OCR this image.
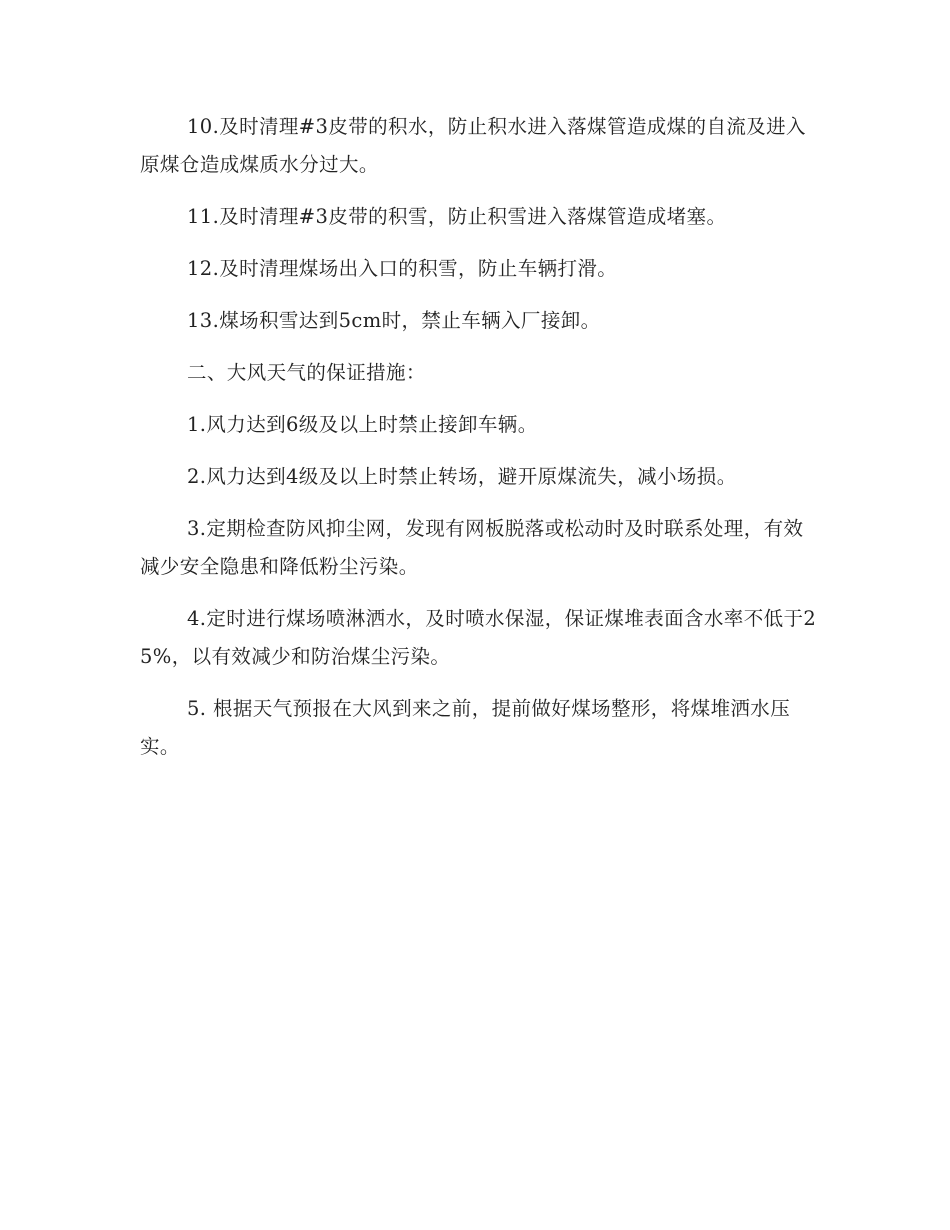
10.及时清理#3皮带的积水，防止积水进入落煤管造成煤的自流及进入原煤仓造成煤质水分过大。

11.及时清理#3皮带的积雪，防止积雪进入落煤管造成堵塞。

12.及时清理煤场出入口的积雪，防止车辆打滑。

13.煤场积雪达到5cm时，禁止车辆入厂接卸。

二、大风天气的保证措施：

1.风力达到6级及以上时禁止接卸车辆。

2.风力达到4级及以上时禁止转场，避开原煤流失，减小场损。

3.定期检查防风抑尘网，发现有网板脱落或松动时及时联系处理，有效减少安全隐患和降低粉尘污染。

4.定时进行煤场喷淋洒水，及时喷水保湿，保证煤堆表面含水率不低于25%，以有效减少和防治煤尘污染。

5. 根据天气预报在大风到来之前，提前做好煤场整形，将煤堆洒水压实。
